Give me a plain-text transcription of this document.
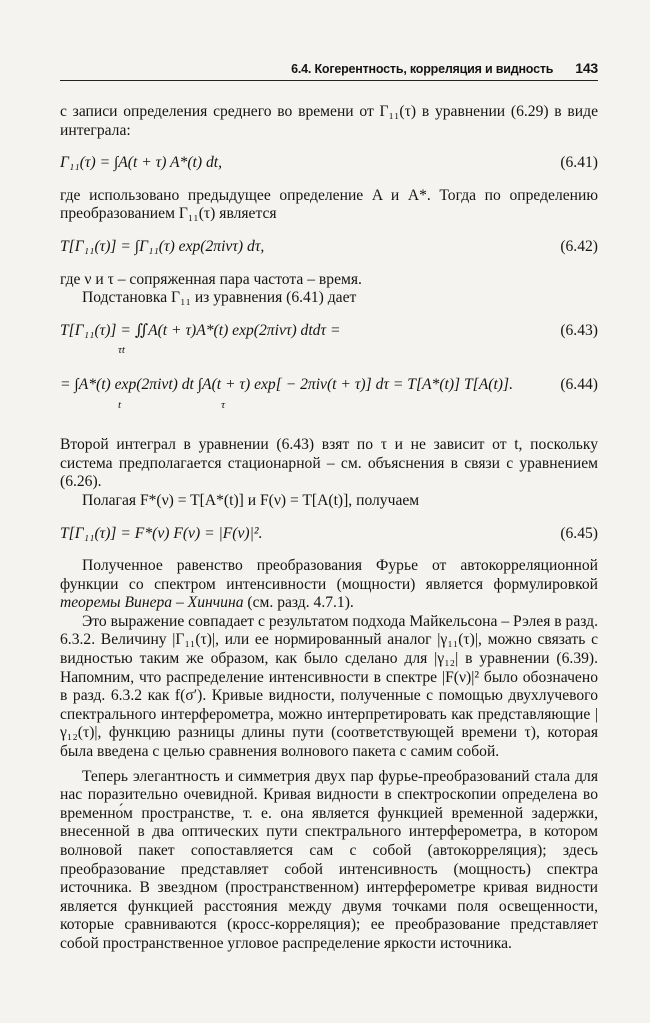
6.4. Когерентность, корреляция и видность 143

с записи определения среднего во времени от Γ₁₁(τ) в уравнении (6.29) в виде интеграла:

Γ₁₁(τ) = ∫A(t + τ) A*(t) dt,	(6.41)

где использовано предыдущее определение A и A*. Тогда по определению преобразованием Γ₁₁(τ) является

T[Γ₁₁(τ)] = ∫Γ₁₁(τ) exp(2πiντ) dτ,	(6.42)

где ν и τ – сопряженная пара частота – время.

Подстановка Γ₁₁ из уравнения (6.41) дает

T[Γ₁₁(τ)] = ∬A(t + τ)A*(t) exp(2πiντ) dtdτ =
τt
(6.43)
= ∫A*(t) exp(2πiνt) dt ∫A(t + τ) exp[ − 2πiν(t + τ)] dτ = T[A*(t)] T[A(t)].
t	τ
(6.44)

Второй интеграл в уравнении (6.43) взят по τ и не зависит от t, поскольку система предполагается стационарной – см. объяснения в связи с уравнением (6.26).

Полагая F*(ν) = T[A*(t)] и F(ν) = T[A(t)], получаем

T[Γ₁₁(τ)] = F*(ν) F(ν) = |F(ν)|².	(6.45)

Полученное равенство преобразования Фурье от автокорреляционной функции со спектром интенсивности (мощности) является формулировкой теоремы Винера – Хинчина (см. разд. 4.7.1).

Это выражение совпадает с результатом подхода Майкельсона – Рэлея в разд. 6.3.2. Величину |Γ₁₁(τ)|, или ее нормированный аналог |γ₁₁(τ)|, можно связать с видностью таким же образом, как было сделано для |γ₁₂| в уравнении (6.39). Напомним, что распределение интенсивности в спектре |F(ν)|² было обозначено в разд. 6.3.2 как f(σ′). Кривые видности, полученные с помощью двухлучевого спектрального интерферометра, можно интерпретировать как представляющие |γ₁₂(τ)|, функцию разницы длины пути (соответствующей времени τ), которая была введена с целью сравнения волнового пакета с самим собой.

Теперь элегантность и симметрия двух пар фурье-преобразований стала для нас поразительно очевидной. Кривая видности в спектроскопии определена во временно́м пространстве, т. е. она является функцией временной задержки, внесенной в два оптических пути спектрального интерферометра, в котором волновой пакет сопоставляется сам с собой (автокорреляция); здесь преобразование представляет собой интенсивность (мощность) спектра источника. В звездном (пространственном) интерферометре кривая видности является функцией расстояния между двумя точками поля освещенности, которые сравниваются (кросс-корреляция); ее преобразование представляет собой пространственное угловое распределение яркости источника.
